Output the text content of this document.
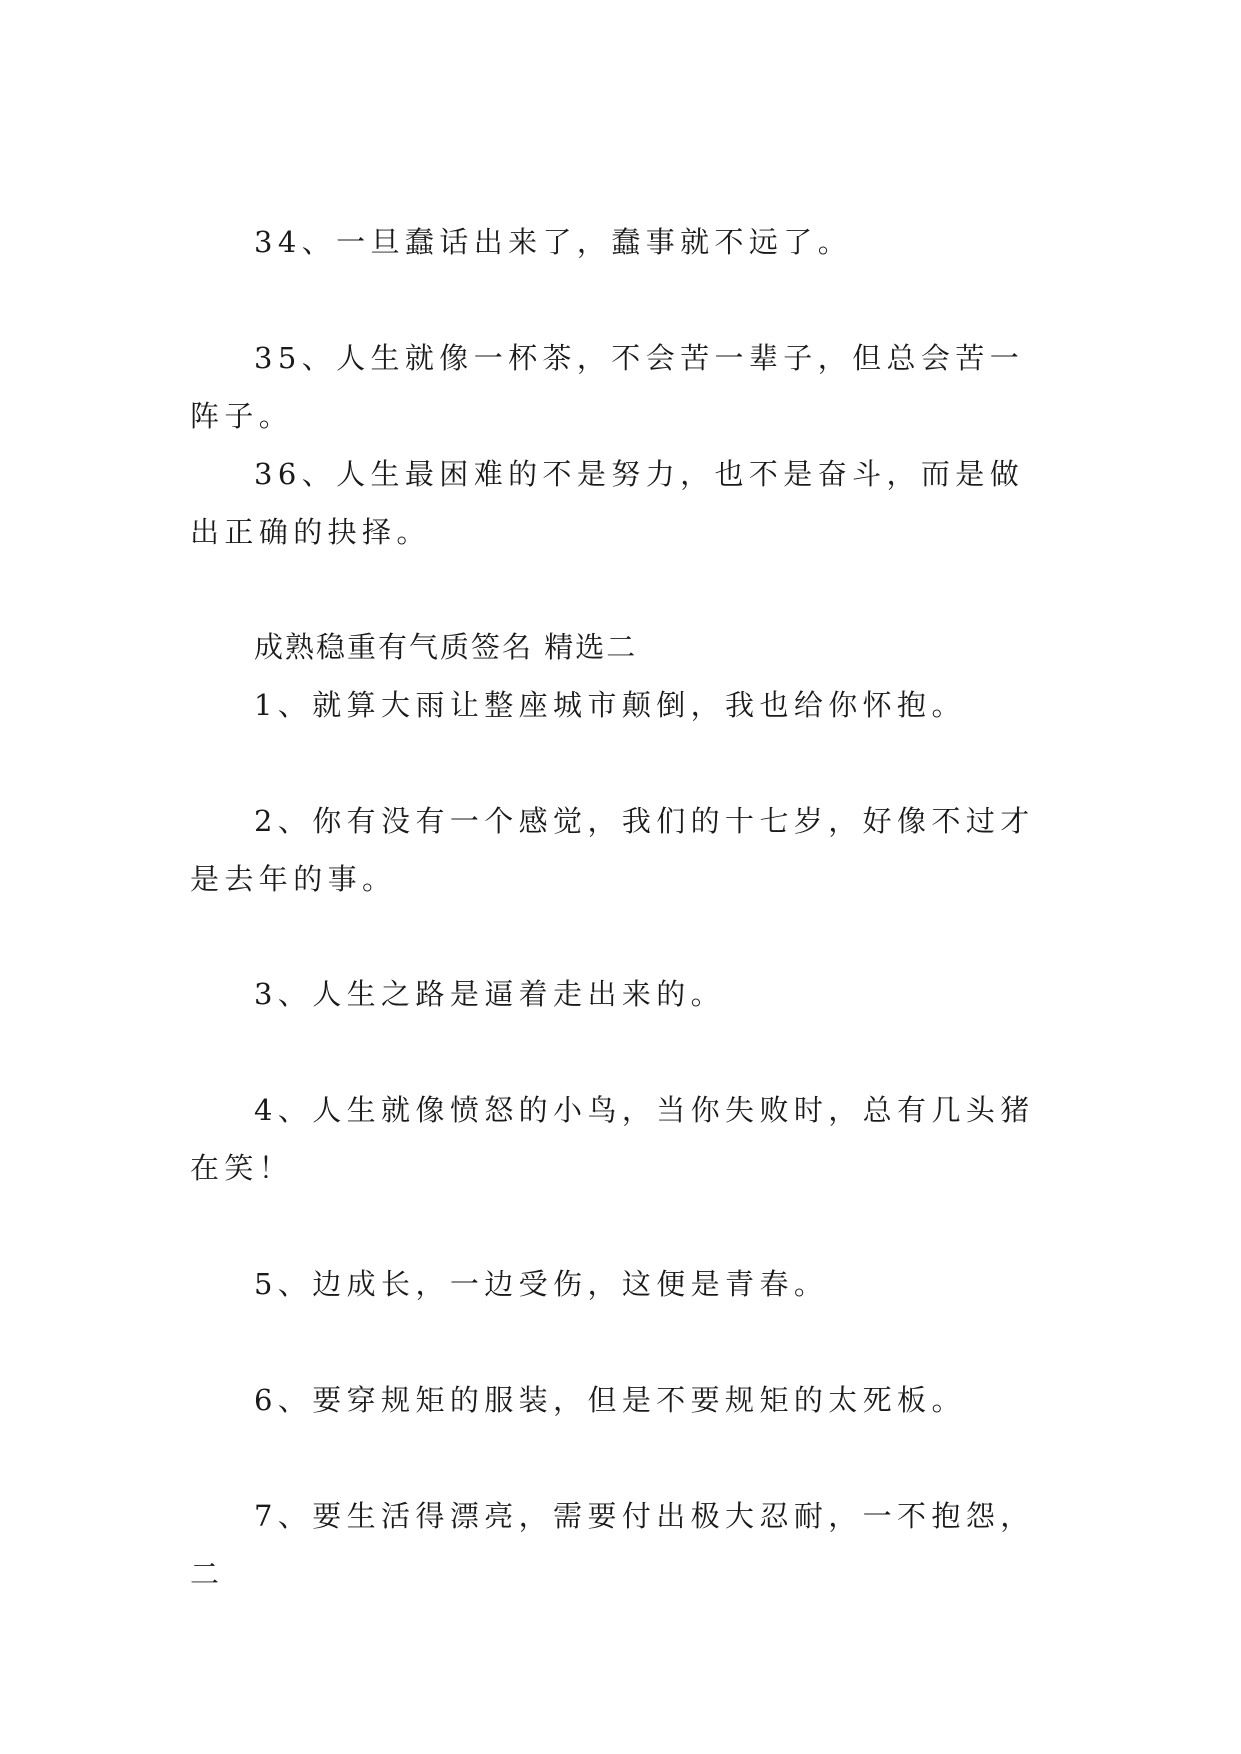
34、一旦蠢话出来了，蠢事就不远了。

35、人生就像一杯茶，不会苦一辈子，但总会苦一阵子。

36、人生最困难的不是努力，也不是奋斗，而是做出正确的抉择。

成熟稳重有气质签名 精选二

1、就算大雨让整座城市颠倒，我也给你怀抱。

2、你有没有一个感觉，我们的十七岁，好像不过才是去年的事。

3、人生之路是逼着走出来的。

4、人生就像愤怒的小鸟，当你失败时，总有几头猪在笑！

5、边成长，一边受伤，这便是青春。

6、要穿规矩的服装，但是不要规矩的太死板。

7、要生活得漂亮，需要付出极大忍耐，一不抱怨，二
